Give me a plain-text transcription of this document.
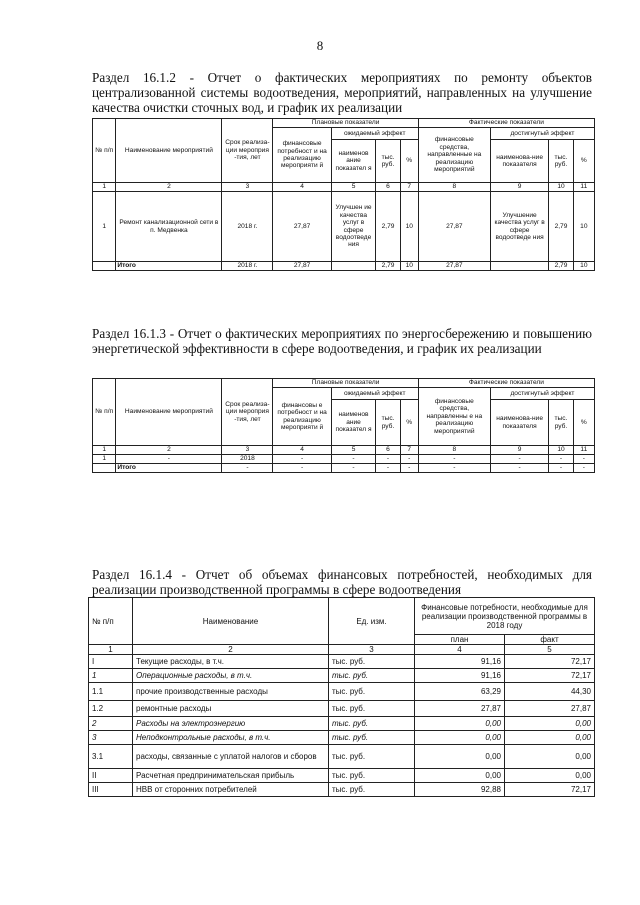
8
Раздел 16.1.2 - Отчет о фактических мероприятиях по ремонту объектов централизованной системы водоотведения, мероприятий, направленных на улучшение качества очистки сточных вод, и график их реализации
№ п/п	Наименование мероприятий	Срок реализа-ции мероприя -тия, лет	Плановые показатели				Фактические показатели			
			финансовые потребност и на реализацию мероприяти й	ожидаемый эффект			финансовые средства, направленные на реализацию мероприятий	достигнутый эффект		
				наименов ание показател я	тыс. руб.	%		наименова-ние показателя	тыс. руб.	%
1	2	3	4	5	6	7	8	9	10	11
1	Ремонт канализационной сети в п. Медвенка	2018 г.	27,87	Улучшен ие качества услуг в сфере водоотведе ния	2,79	10	27,87	Улучшение качества услуг в сфере водоотведе ния	2,79	10
	Итого	2018 г.	27,87		2,79	10	27,87		2,79	10
Раздел 16.1.3 - Отчет о фактических мероприятиях по энергосбережению и повышению энергетической эффективности в сфере водоотведения, и график их реализации
№ п/п	Наименование мероприятий	Срок реализа-ции мероприя -тия, лет	Плановые показатели				Фактические показатели			
			финансовы е потребност и на реализацию мероприяти й	ожидаемый эффект			финансовые средства, направленны е на реализацию мероприятий	достигнутый эффект		
				наименов ание показател я	тыс. руб.	%		наименова-ние показателя	тыс. руб.	%
1	2	3	4	5	6	7	8	9	10	11
1	-	2018	-	-	-	-	-	-	-	-
	Итого	-	-	-	-	-	-	-	-	-
Раздел 16.1.4 - Отчет об объемах финансовых потребностей, необходимых для реализации производственной программы в сфере водоотведения
№ п/п	Наименование	Ед. изм.	Финансовые потребности, необходимые для реализации производственной программы в 2018 году	
			план	факт
1	2	3	4	5
I	Текущие расходы, в т.ч.	тыс. руб.	91,16	72,17
1	Операционные расходы, в т.ч.	тыс. руб.	91,16	72,17
1.1	прочие производственные расходы	тыс. руб.	63,29	44,30
1.2	ремонтные расходы	тыс. руб.	27,87	27,87
2	Расходы на электроэнергию	тыс. руб.	0,00	0,00
3	Неподконтрольные расходы, в т.ч.	тыс. руб.	0,00	0,00
3.1	расходы, связанные с уплатой налогов и сборов	тыс. руб.	0,00	0,00
II	Расчетная предпринимательская прибыль	тыс. руб.	0,00	0,00
III	НВВ от сторонних потребителей	тыс. руб.	92,88	72,17
